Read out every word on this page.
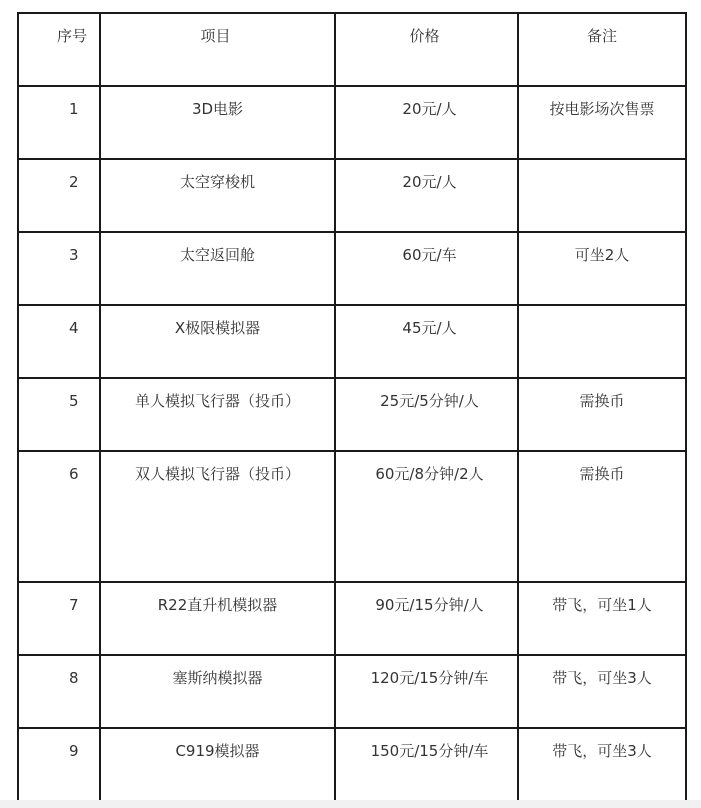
序号	项目	价格	备注

1	3D电影	20元/人	按电影场次售票

2	太空穿梭机	20元/人	

3	太空返回舱	60元/车	可坐2人

4	X极限模拟器	45元/人	

5	单人模拟飞行器（投币）	25元/5分钟/人	需换币

6	双人模拟飞行器（投币）	60元/8分钟/2人	需换币

7	R22直升机模拟器	90元/15分钟/人	带飞，可坐1人

8	塞斯纳模拟器	120元/15分钟/车	带飞，可坐3人

9	C919模拟器	150元/15分钟/车	带飞，可坐3人
